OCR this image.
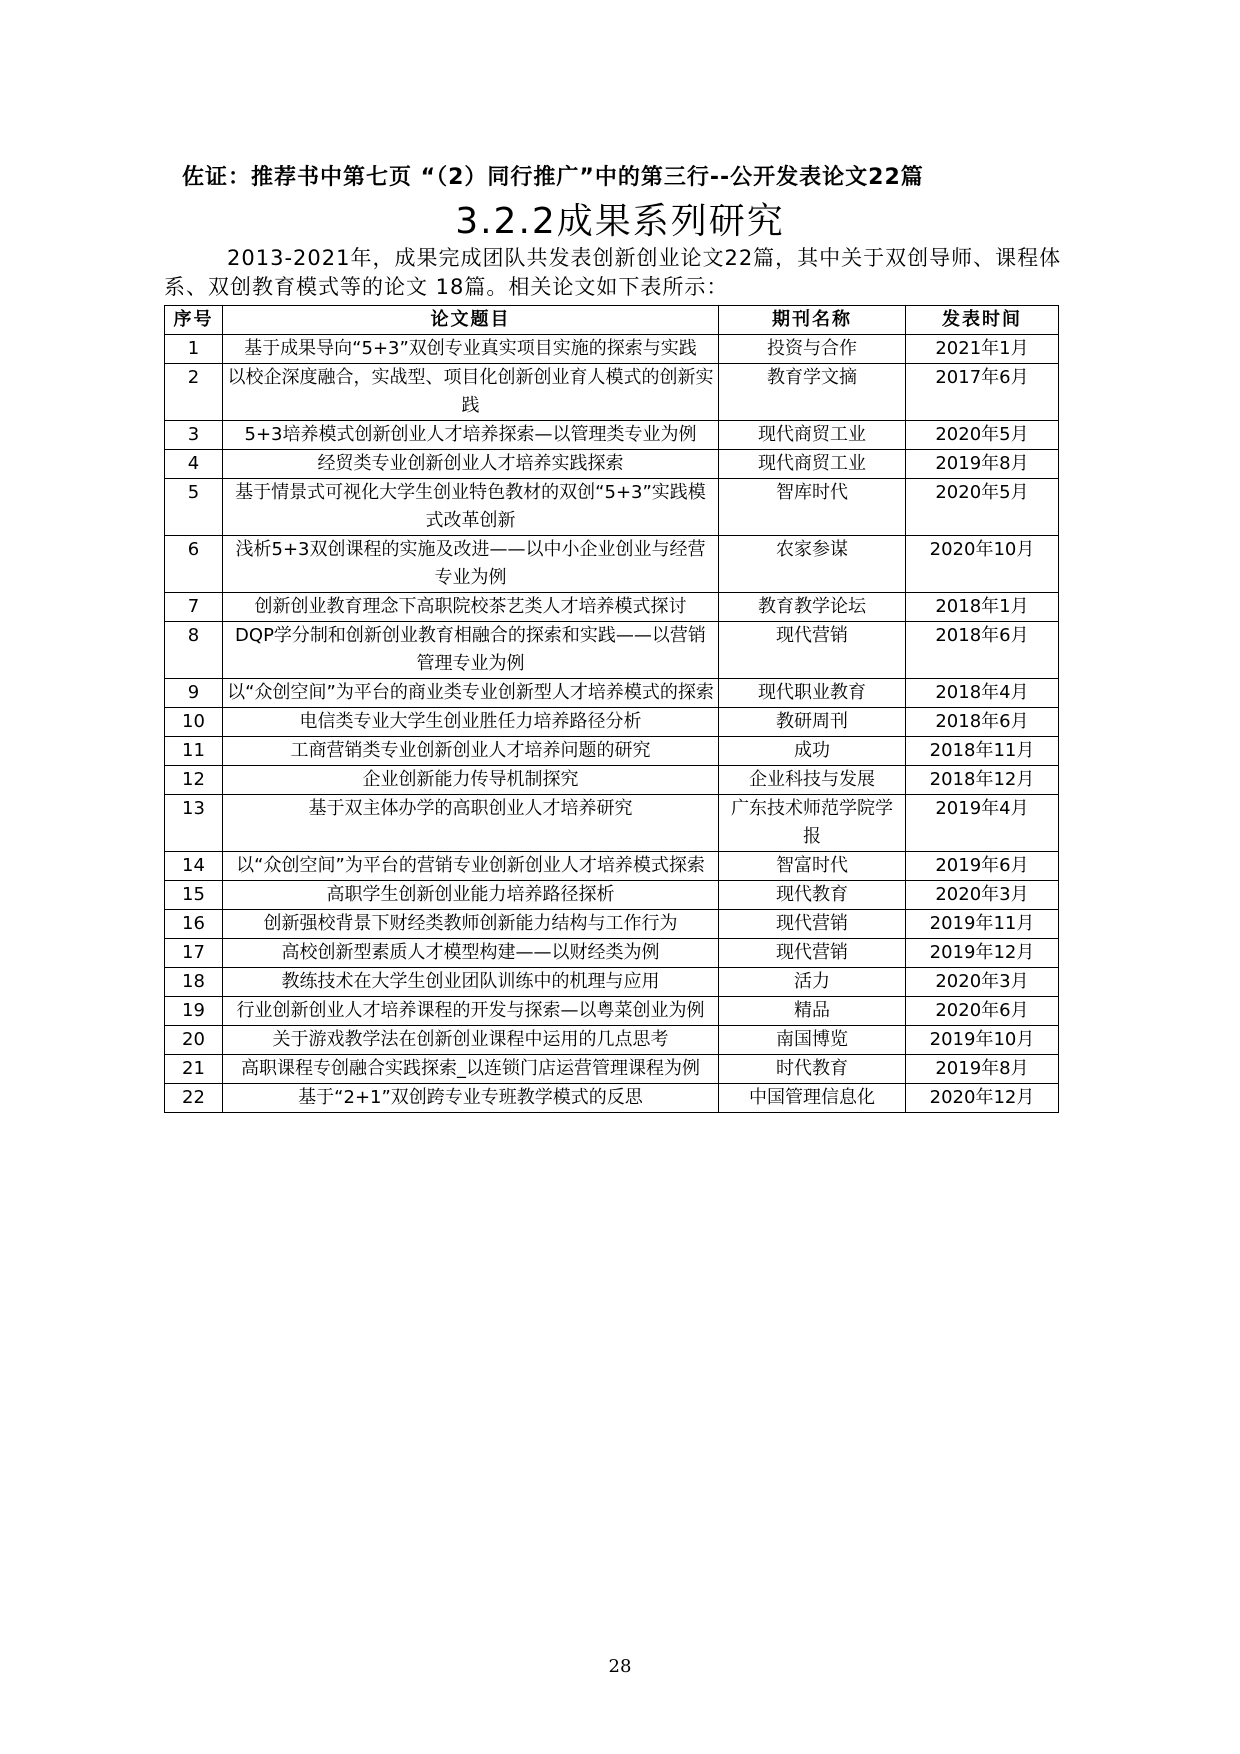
佐证：推荐书中第七页 “（2）同行推广”中的第三行--公开发表论文22篇
3.2.2成果系列研究

2013-2021年，成果完成团队共发表创新创业论文22篇，其中关于双创导师、课程体系、双创教育模式等的论文 18篇。相关论文如下表所示：

序号	论文题目	期刊名称	发表时间
1	基于成果导向“5+3”双创专业真实项目实施的探索与实践	投资与合作	2021年1月
2	以校企深度融合，实战型、项目化创新创业育人模式的创新实践	教育学文摘	2017年6月
3	5+3培养模式创新创业人才培养探索—以管理类专业为例	现代商贸工业	2020年5月
4	经贸类专业创新创业人才培养实践探索	现代商贸工业	2019年8月
5	基于情景式可视化大学生创业特色教材的双创“5+3”实践模式改革创新	智库时代	2020年5月
6	浅析5+3双创课程的实施及改进——以中小企业创业与经营专业为例	农家参谋	2020年10月
7	创新创业教育理念下高职院校茶艺类人才培养模式探讨	教育教学论坛	2018年1月
8	DQP学分制和创新创业教育相融合的探索和实践——以营销管理专业为例	现代营销	2018年6月
9	以“众创空间”为平台的商业类专业创新型人才培养模式的探索	现代职业教育	2018年4月
10	电信类专业大学生创业胜任力培养路径分析	教研周刊	2018年6月
11	工商营销类专业创新创业人才培养问题的研究	成功	2018年11月
12	企业创新能力传导机制探究	企业科技与发展	2018年12月
13	基于双主体办学的高职创业人才培养研究	广东技术师范学院学报	2019年4月
14	以“众创空间”为平台的营销专业创新创业人才培养模式探索	智富时代	2019年6月
15	高职学生创新创业能力培养路径探析	现代教育	2020年3月
16	创新强校背景下财经类教师创新能力结构与工作行为	现代营销	2019年11月
17	高校创新型素质人才模型构建——以财经类为例	现代营销	2019年12月
18	教练技术在大学生创业团队训练中的机理与应用	活力	2020年3月
19	行业创新创业人才培养课程的开发与探索—以粤菜创业为例	精品	2020年6月
20	关于游戏教学法在创新创业课程中运用的几点思考	南国博览	2019年10月
21	高职课程专创融合实践探索_以连锁门店运营管理课程为例	时代教育	2019年8月
22	基于“2+1”双创跨专业专班教学模式的反思	中国管理信息化	2020年12月
28
